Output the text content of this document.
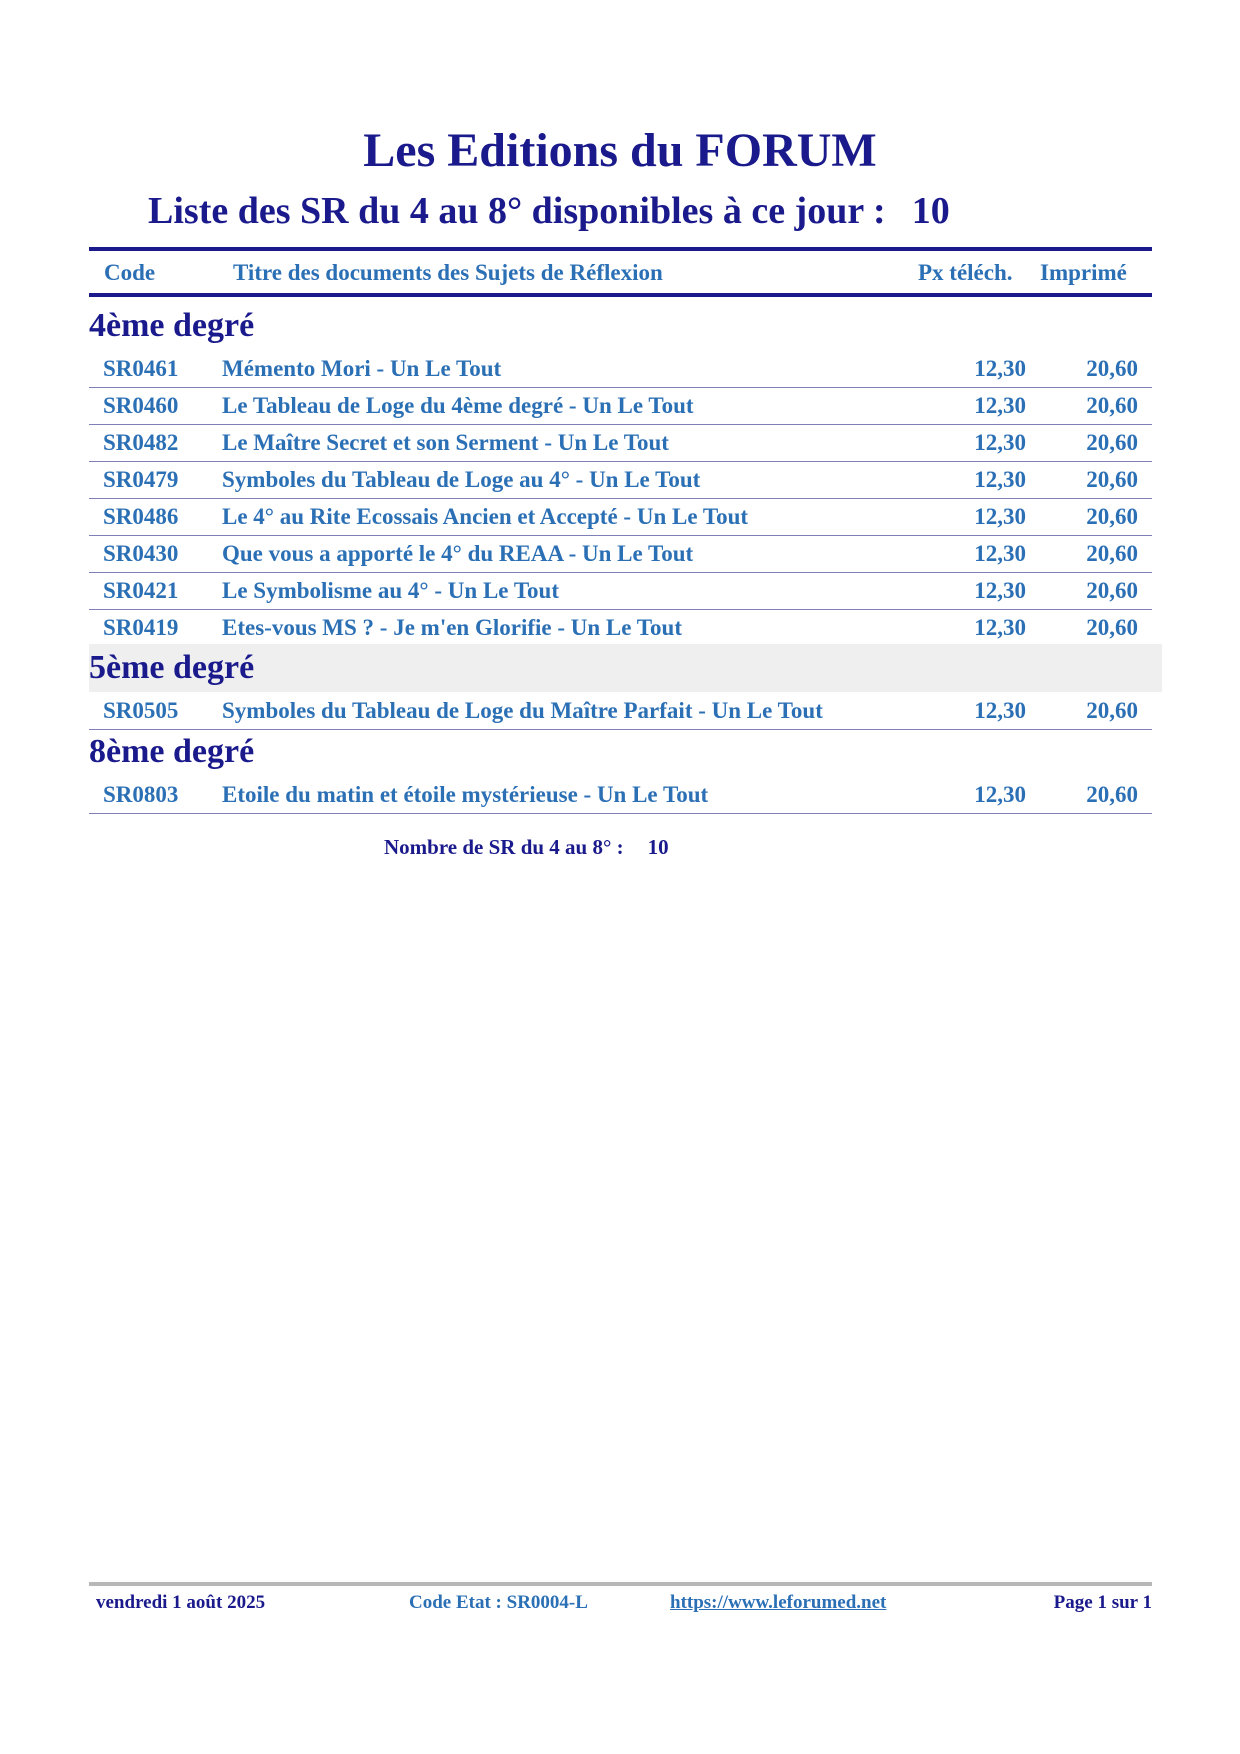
Les Editions du FORUM
Liste des SR du 4 au 8° disponibles à ce jour : 10
Code	Titre des documents des Sujets de Réflexion	Px téléch. Imprimé
4ème degré
SR0461 Mémento Mori - Un Le Tout	12,30	20,60
SR0460 Le Tableau de Loge du 4ème degré - Un Le Tout	12,30	20,60
SR0482 Le Maître Secret et son Serment - Un Le Tout	12,30	20,60
SR0479 Symboles du Tableau de Loge au 4° - Un Le Tout	12,30	20,60
SR0486 Le 4° au Rite Ecossais Ancien et Accepté - Un Le Tout	12,30	20,60
SR0430 Que vous a apporté le 4° du REAA - Un Le Tout	12,30	20,60
SR0421 Le Symbolisme au 4° - Un Le Tout	12,30	20,60
SR0419 Etes-vous MS ? - Je m'en Glorifie - Un Le Tout	12,30	20,60
5ème degré
SR0505 Symboles du Tableau de Loge du Maître Parfait - Un Le Tout	12,30	20,60
8ème degré
SR0803 Etoile du matin et étoile mystérieuse - Un Le Tout	12,30	20,60
Nombre de SR du 4 au 8° : 10
vendredi 1 août 2025	Code Etat : SR0004-L	https://www.leforumed.net	Page 1 sur 1
